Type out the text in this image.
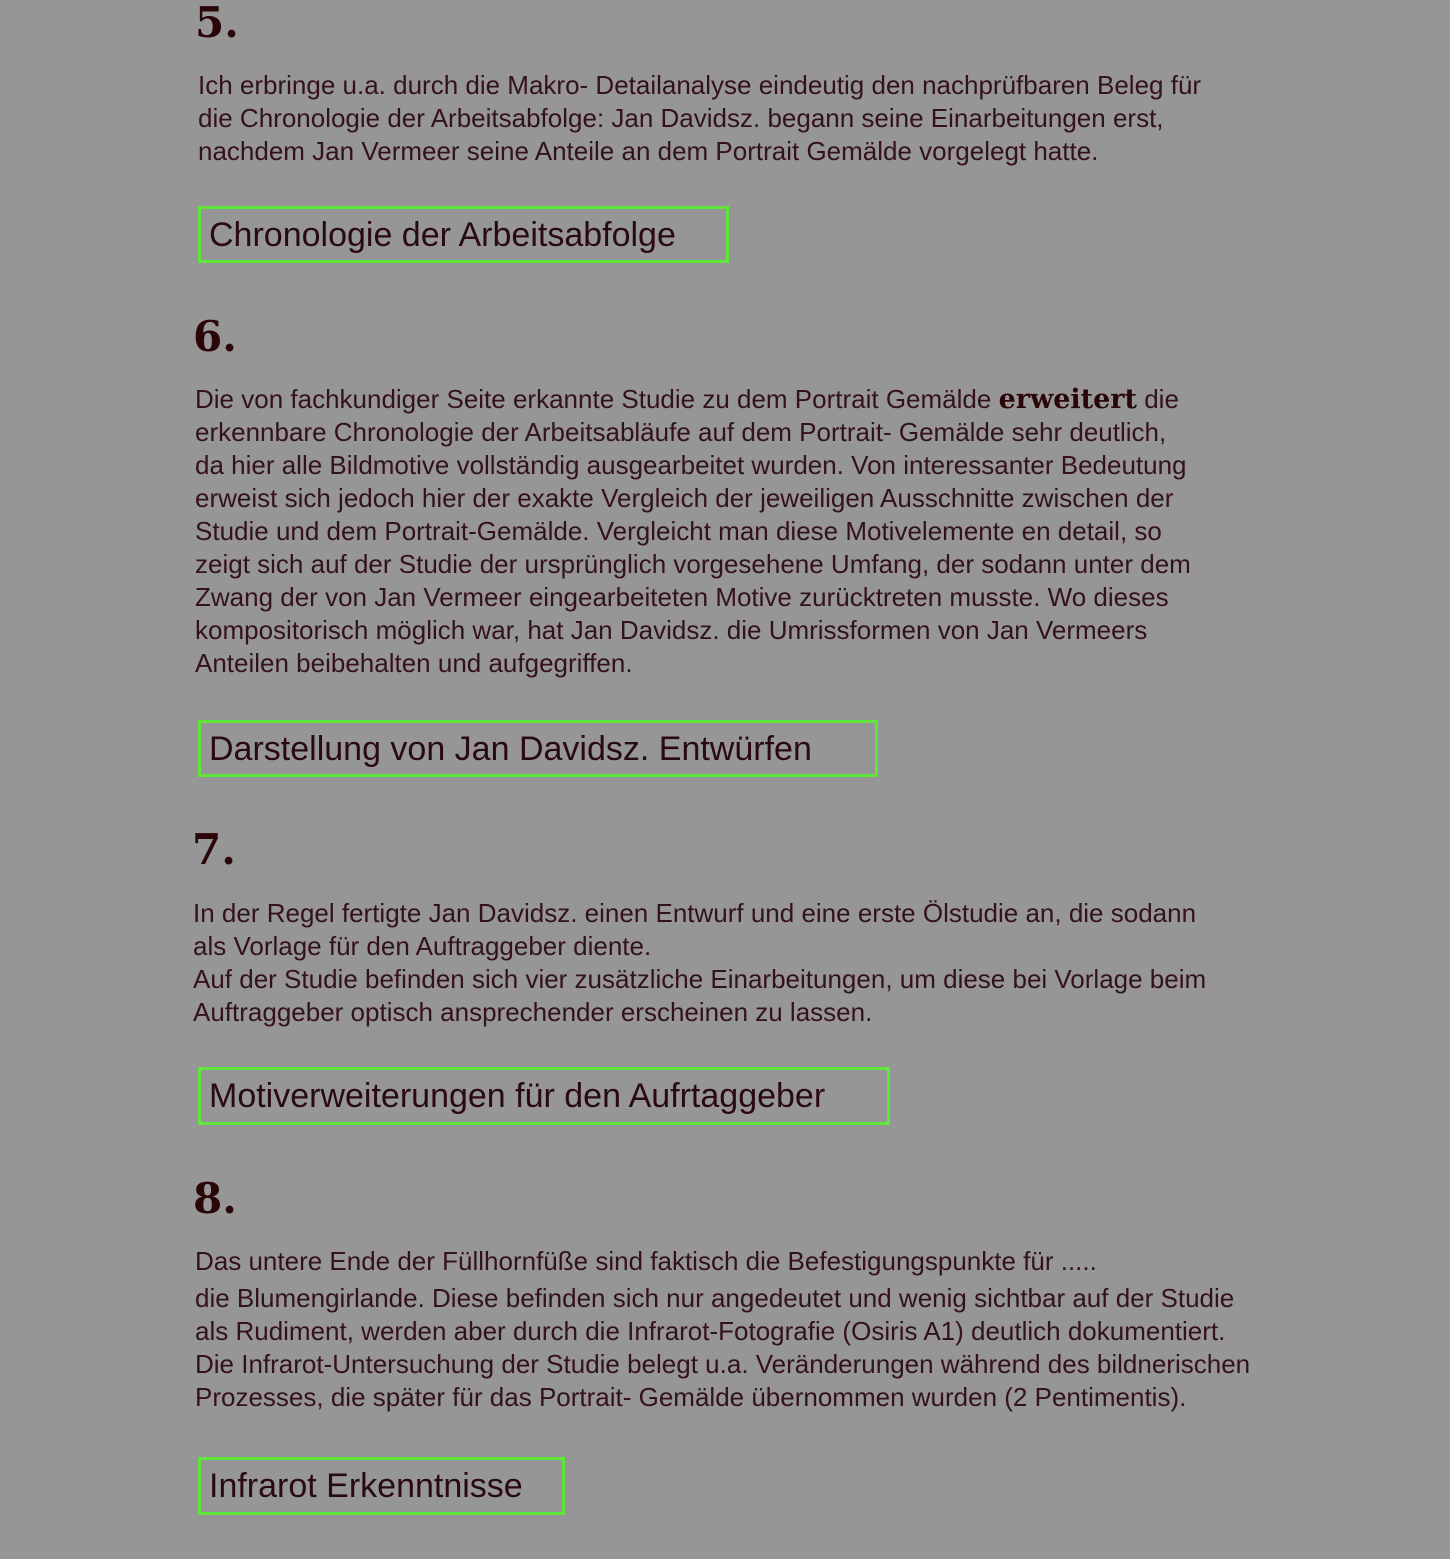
5.
Ich erbringe u.a. durch die Makro- Detailanalyse eindeutig den nachprüfbaren Beleg für
die Chronologie der Arbeitsabfolge: Jan Davidsz. begann seine Einarbeitungen erst,
nachdem Jan Vermeer seine Anteile an dem Portrait Gemälde vorgelegt hatte.
Chronologie der Arbeitsabfolge
6.
Die von fachkundiger Seite erkannte Studie zu dem Portrait Gemälde erweitert die
erkennbare Chronologie der Arbeitsabläufe auf dem Portrait- Gemälde sehr deutlich,
da hier alle Bildmotive vollständig ausgearbeitet wurden. Von interessanter Bedeutung
erweist sich jedoch hier der exakte Vergleich der jeweiligen Ausschnitte zwischen der
Studie und dem Portrait-Gemälde. Vergleicht man diese Motivelemente en detail, so
zeigt sich auf der Studie der ursprünglich vorgesehene Umfang, der sodann unter dem
Zwang der von Jan Vermeer eingearbeiteten Motive zurücktreten musste. Wo dieses
kompositorisch möglich war, hat Jan Davidsz. die Umrissformen von Jan Vermeers
Anteilen beibehalten und aufgegriffen.
Darstellung von Jan Davidsz. Entwürfen
7.
In der Regel fertigte Jan Davidsz. einen Entwurf und eine erste Ölstudie an, die sodann
als Vorlage für den Auftraggeber diente.
Auf der Studie befinden sich vier zusätzliche Einarbeitungen, um diese bei Vorlage beim
Auftraggeber optisch ansprechender erscheinen zu lassen.
Motiverweiterungen für den Aufrtaggeber
8.
Das untere Ende der Füllhornfüße sind faktisch die Befestigungspunkte für .....
die Blumengirlande. Diese befinden sich nur angedeutet und wenig sichtbar auf der Studie
als Rudiment, werden aber durch die Infrarot-Fotografie (Osiris A1) deutlich dokumentiert.
Die Infrarot-Untersuchung der Studie belegt u.a. Veränderungen während des bildnerischen
Prozesses, die später für das Portrait- Gemälde übernommen wurden (2 Pentimentis).
Infrarot Erkenntnisse
